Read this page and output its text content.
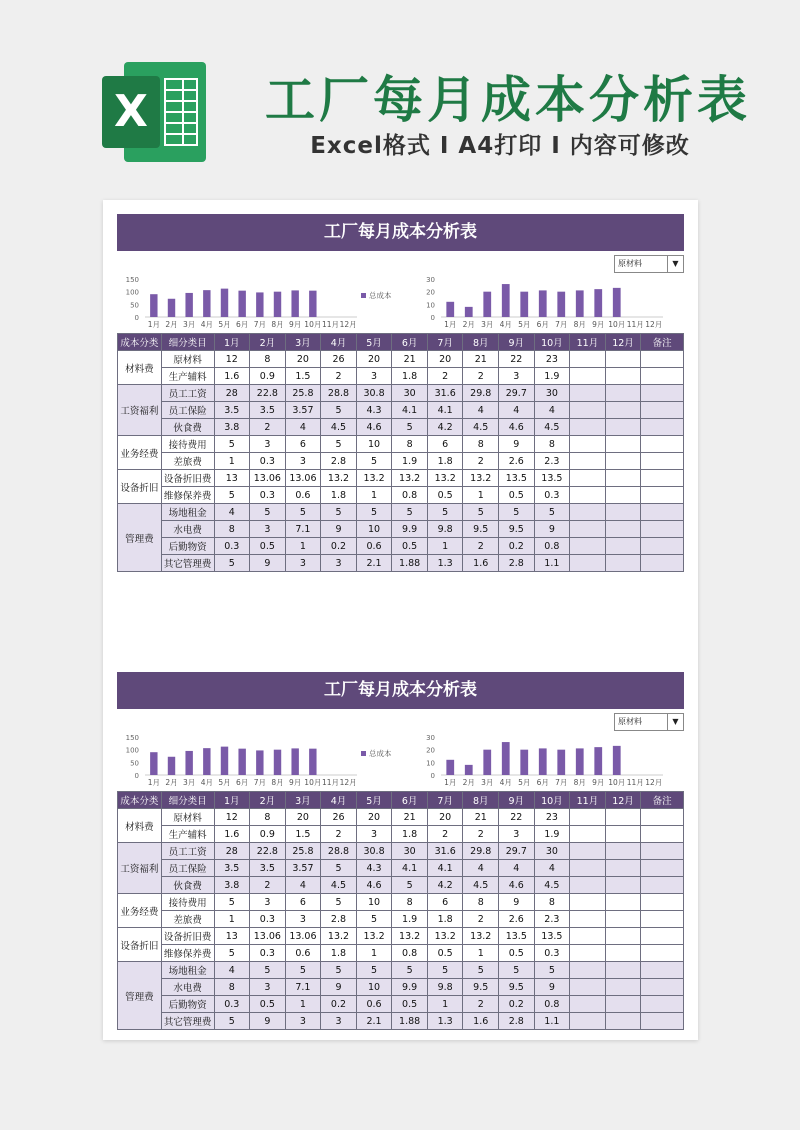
X	工厂每月成本分析表
Excel格式 I A4打印 I 内容可修改
工厂每月成本分析表
原材料	▼
150
100
50
0
1月 2月 3月 4月 5月 6月 7月 8月 9月 10月 11月 12月
总成本
30
20
10
0
1月 2月 3月 4月 5月 6月 7月 8月 9月 10月 11月 12月
成本分类	细分类目	1月	2月	3月	4月	5月	6月	7月	8月	9月	10月	11月	12月	备注
材料费	原材料	12	8	20	26	20	21	20	21	22	23			
	生产辅料	1.6	0.9	1.5	2	3	1.8	2	2	3	1.9			
工资福利	员工工资	28	22.8	25.8	28.8	30.8	30	31.6	29.8	29.7	30			
	员工保险	3.5	3.5	3.57	5	4.3	4.1	4.1	4	4	4			
	伙食费	3.8	2	4	4.5	4.6	5	4.2	4.5	4.6	4.5			
业务经费	接待费用	5	3	6	5	10	8	6	8	9	8			
	差旅费	1	0.3	3	2.8	5	1.9	1.8	2	2.6	2.3			
设备折旧	设备折旧费	13	13.06	13.06	13.2	13.2	13.2	13.2	13.2	13.5	13.5			
	维修保养费	5	0.3	0.6	1.8	1	0.8	0.5	1	0.5	0.3			
管理费	场地租金	4	5	5	5	5	5	5	5	5	5			
	水电费	8	3	7.1	9	10	9.9	9.8	9.5	9.5	9			
	后勤物资	0.3	0.5	1	0.2	0.6	0.5	1	2	0.2	0.8			
	其它管理费	5	9	3	3	2.1	1.88	1.3	1.6	2.8	1.1			
工厂每月成本分析表
原材料	▼
150
100
50
0
1月 2月 3月 4月 5月 6月 7月 8月 9月 10月 11月 12月
总成本
30
20
10
0
1月 2月 3月 4月 5月 6月 7月 8月 9月 10月 11月 12月
成本分类	细分类目	1月	2月	3月	4月	5月	6月	7月	8月	9月	10月	11月	12月	备注
材料费	原材料	12	8	20	26	20	21	20	21	22	23			
	生产辅料	1.6	0.9	1.5	2	3	1.8	2	2	3	1.9			
工资福利	员工工资	28	22.8	25.8	28.8	30.8	30	31.6	29.8	29.7	30			
	员工保险	3.5	3.5	3.57	5	4.3	4.1	4.1	4	4	4			
	伙食费	3.8	2	4	4.5	4.6	5	4.2	4.5	4.6	4.5			
业务经费	接待费用	5	3	6	5	10	8	6	8	9	8			
	差旅费	1	0.3	3	2.8	5	1.9	1.8	2	2.6	2.3			
设备折旧	设备折旧费	13	13.06	13.06	13.2	13.2	13.2	13.2	13.2	13.5	13.5			
	维修保养费	5	0.3	0.6	1.8	1	0.8	0.5	1	0.5	0.3			
管理费	场地租金	4	5	5	5	5	5	5	5	5	5			
	水电费	8	3	7.1	9	10	9.9	9.8	9.5	9.5	9			
	后勤物资	0.3	0.5	1	0.2	0.6	0.5	1	2	0.2	0.8			
	其它管理费	5	9	3	3	2.1	1.88	1.3	1.6	2.8	1.1			
